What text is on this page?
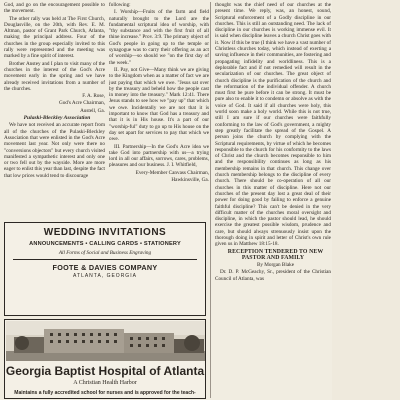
God, and go on the encouragement possible to the movement.

The other rally was held at The First Church, Douglasville, on the 20th, with Rev. E. M. Altman, pastor of Grant Park Church, Atlanta, making the principal address. Four of the churches in the group especially invited to this rally were represented and the meeting was marked by a fine spirit of interest.

Brother Anstey and I plan to visit many of the churches in the interest of the God's Acre movement early in the spring and we have already received invitations from a number of the churches.

F. A. Rose,

God's Acre Chairman,

Austell, Ga.

Pulaski-Bleckley Association

We have not received an accurate report from all of the churches of the Pulaski-Bleckley Association that were enlisted in the God's Acre movement last year. Not only were there no "conversions objectors" but every church visited manifested a sympathetic interest and only one or two fell out by the wayside. More are more eager to enlist this year than last, despite the fact that low prices would tend to discourage

following:

I. Worship—Fruits of the farm and field naturally brought to the Lord are the fundamental scriptural idea of worship, with "thy substance and with the first fruit of all thine increase." Prov. 3:9. The primary object of God's people in going up to the temple or synagogue was to carry their offering as an act of worship—so should we "on the first day of the week."

II. Pay, not Give—Many think we are giving to the Kingdom when as a matter of fact we are just paying that which we owe. "Jesus sat over by the treasury and beheld how the people cast in money into the treasury." Mark 12:41. There Jesus stands to see how we "pay up" that which we owe. Incidentally we are not that it is important to know that God has a treasury and that it is in His house. It's a part of our "worship-ful" duty to go up to His house on the day set apart for services to pay that which we owe.

III. Partnership—In the God's Acre idea we take God into partnership with us—a trying lord in all our affairs, sorrows, cares, problems, pleasures and our business. J. I. Whitfield,

Every-Member Canvass Chairman,

Hawkinsville, Ga.

thought was the chief need of our churches at the present time. We reply, was, an honest, sound, Scriptural enforcement of a Godly discipline in our churches. This is still an outstanding need. The lack of discipline in our churches is working immense evil. It is said when discipline leaves a church Christ goes with it. Now if this be true (I think we have a vast number of Christless churches today, which instead of exerting a saving influence in their communities, are fostering and propagating infidelity and worldliness. This is a deplorable fact and if not remedied will result in the secularization of our churches. The great object of church discipline is the purification of the church and the reformation of the individual offender. A church must first be pure before it can be strong. It must be pure also to enable it to condemn or absolve as with the voice of God. It said if all churches were holy, this world soon make a holy world. While this is not true, still I am sure if our churches were faithfully conforming to the law of God's government, a mighty step greatly facilitate the spread of the Gospel. A person joins the church by complying with the Scriptural requirements, by virtue of which he becomes responsible to the church for his conformity to the laws of Christ and the church becomes responsible to him and the responsibility continues as long as his membership remains in that church. This change over church membership belongs to the discipline of every church. There should be co-operation of all our churches in this matter of discipline. Here not our churches of the present day lost a great deal of their power for doing good by failing to enforce a genuine faithful discipline? This can't be denied in the very difficult matter of the churches moral oversight and discipline, in which the pastor should lead, he should exercise the greatest possible wisdom, prudence and care, but should always strenuously insist upon the thorough doing in spirit and letter of Christ's own rule given us in Matthew 18:15-18.

RECEPTION TENDERED TO NEW PASTOR AND FAMILY

By Morgan Blake

Dr. D. P. McGeachy, Sr., president of the Christian Council of Atlanta, was

WEDDING INVITATIONS
ANNOUNCEMENTS • CALLING CARDS • STATIONERY
All Forms of Social and Business Engraving
FOOTE & DAVIES COMPANY
ATLANTA, GEORGIA
Georgia Baptist Hospital of Atlanta
A Christian Health Harbor
Maintains a fully accredited school for nurses and is approved for the teach-
